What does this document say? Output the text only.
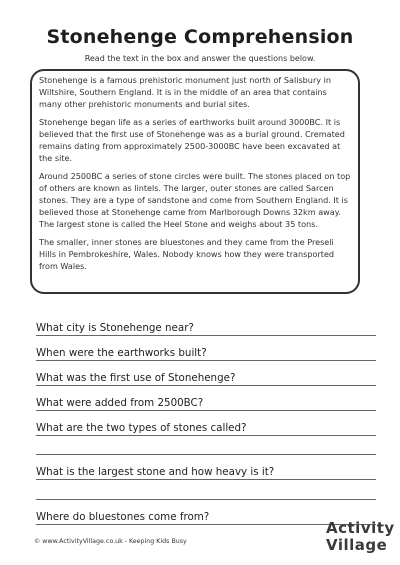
Stonehenge Comprehension
Read the text in the box and answer the questions below.

Stonehenge is a famous prehistoric monument just north of Salisbury in Wiltshire, Southern England. It is in the middle of an area that contains many other prehistoric monuments and burial sites.

Stonehenge began life as a series of earthworks built around 3000BC. It is believed that the first use of Stonehenge was as a burial ground. Cremated remains dating from approximately 2500-3000BC have been excavated at the site.

Around 2500BC a series of stone circles were built. The stones placed on top of others are known as lintels. The larger, outer stones are called Sarcen stones. They are a type of sandstone and come from Southern England. It is believed those at Stonehenge came from Marlborough Downs 32km away. The largest stone is called the Heel Stone and weighs about 35 tons.

The smaller, inner stones are bluestones and they came from the Preseli Hills in Pembrokeshire, Wales. Nobody knows how they were transported from Wales.

What city is Stonehenge near?
When were the earthworks built?
What was the first use of Stonehenge?
What were added from 2500BC?
What are the two types of stones called?
What is the largest stone and how heavy is it?
Where do bluestones come from?
© www.ActivityVillage.co.uk - Keeping Kids Busy
Activity
Village
